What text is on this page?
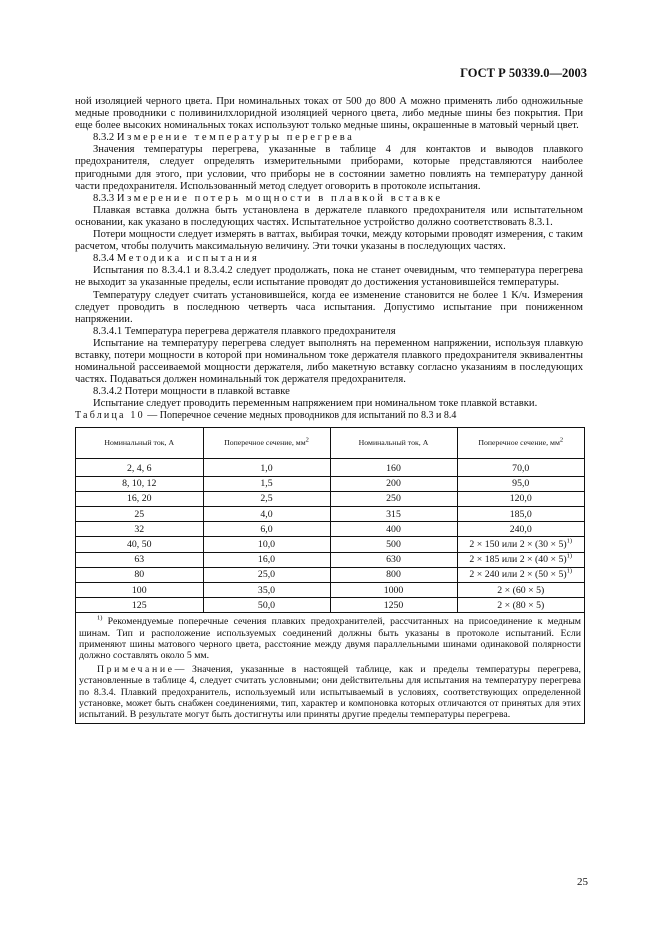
ГОСТ Р 50339.0—2003

ной изоляцией черного цвета. При номинальных токах от 500 до 800 А можно применять либо одножильные медные проводники с поливинилхлоридной изоляцией черного цвета, либо медные шины без покрытия. При еще более высоких номинальных токах используют только медные шины, окрашенные в матовый черный цвет.

8.3.2 Измерение температуры перегрева

Значения температуры перегрева, указанные в таблице 4 для контактов и выводов плавкого предохранителя, следует определять измерительными приборами, которые представляются наиболее пригодными для этого, при условии, что приборы не в состоянии заметно повлиять на температуру данной части предохранителя. Использованный метод следует оговорить в протоколе испытания.

8.3.3 Измерение потерь мощности в плавкой вставке

Плавкая вставка должна быть установлена в держателе плавкого предохранителя или испытательном основании, как указано в последующих частях. Испытательное устройство должно соответствовать 8.3.1.

Потери мощности следует измерять в ваттах, выбирая точки, между которыми проводят измерения, с таким расчетом, чтобы получить максимальную величину. Эти точки указаны в последующих частях.

8.3.4 Методика испытания

Испытания по 8.3.4.1 и 8.3.4.2 следует продолжать, пока не станет очевидным, что температура перегрева не выходит за указанные пределы, если испытание проводят до достижения установившейся температуры.

Температуру следует считать установившейся, когда ее изменение становится не более 1 K/ч. Измерения следует проводить в последнюю четверть часа испытания. Допустимо испытание при пониженном напряжении.

8.3.4.1 Температура перегрева держателя плавкого предохранителя

Испытание на температуру перегрева следует выполнять на переменном напряжении, используя плавкую вставку, потери мощности в которой при номинальном токе держателя плавкого предохранителя эквивалентны номинальной рассеиваемой мощности держателя, либо макетную вставку согласно указаниям в последующих частях. Подаваться должен номинальный ток держателя предохранителя.

8.3.4.2 Потери мощности в плавкой вставке

Испытание следует проводить переменным напряжением при номинальном токе плавкой вставки.

Таблица 10 — Поперечное сечение медных проводников для испытаний по 8.3 и 8.4

Номинальный ток, А	Поперечное сечение, $мм^2$	Номинальный ток, А	Поперечное сечение, $мм^2$
2, 4, 6	1,0	160	70,0
8, 10, 12	1,5	200	95,0
16, 20	2,5	250	120,0
25	4,0	315	185,0
32	6,0	400	240,0
40, 50	10,0	500	2 × 150 или $2 \times (30 \times 5)^{1)}$
63	16,0	630	2 × 185 или $2 \times (40 \times 5)^{1)}$
80	25,0	800	2 × 240 или $2 \times (50 \times 5)^{1)}$
100	35,0	1000	2 × (60 × 5)
125	50,0	1250	2 × (80 × 5)

$^{1)}$ Рекомендуемые поперечные сечения плавких предохранителей, рассчитанных на присоединение к медным шинам. Тип и расположение используемых соединений должны быть указаны в протоколе испытаний. Если применяют шины матового черного цвета, расстояние между двумя параллельными шинами одинаковой полярности должно составлять около 5 мм.

Примечание— Значения, указанные в настоящей таблице, как и пределы температуры перегрева, установленные в таблице 4, следует считать условными; они действительны для испытания на температуру перегрева по 8.3.4. Плавкий предохранитель, используемый или испытываемый в условиях, соответствующих определенной установке, может быть снабжен соединениями, тип, характер и компоновка которых отличаются от принятых для этих испытаний. В результате могут быть достигнуты или приняты другие пределы температуры перегрева.

25
